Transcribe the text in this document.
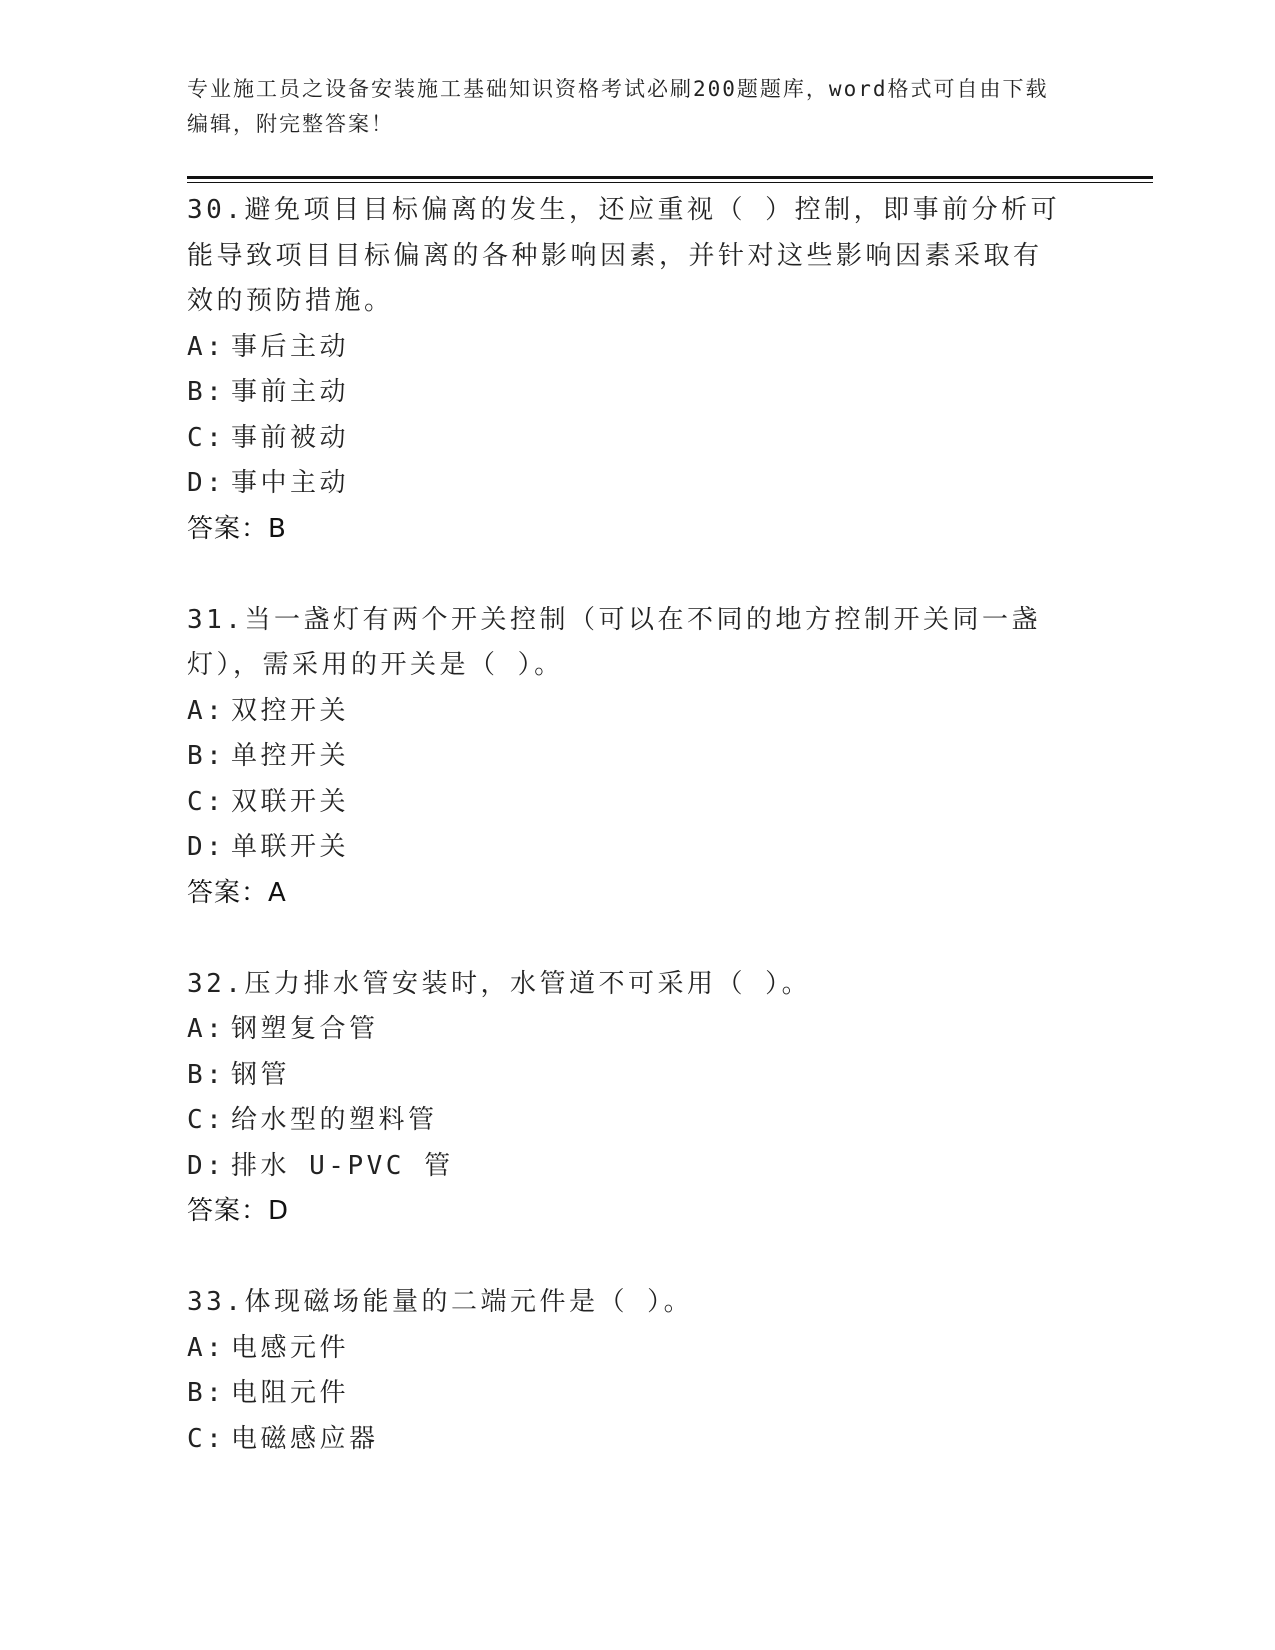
专业施工员之设备安装施工基础知识资格考试必刷200题题库，word格式可自由下载编辑，附完整答案！
30.避免项目目标偏离的发生，还应重视（ ）控制，即事前分析可能导致项目目标偏离的各种影响因素，并针对这些影响因素采取有效的预防措施。
A: 事后主动
B: 事前主动
C: 事前被动
D: 事中主动
答案：B
31.当一盏灯有两个开关控制（可以在不同的地方控制开关同一盏灯），需采用的开关是（ ）。
A: 双控开关
B: 单控开关
C: 双联开关
D: 单联开关
答案：A
32.压力排水管安装时，水管道不可采用（ ）。
A: 钢塑复合管
B: 钢管
C: 给水型的塑料管
D: 排水 U-PVC 管
答案：D
33.体现磁场能量的二端元件是（ ）。
A: 电感元件
B: 电阻元件
C: 电磁感应器
